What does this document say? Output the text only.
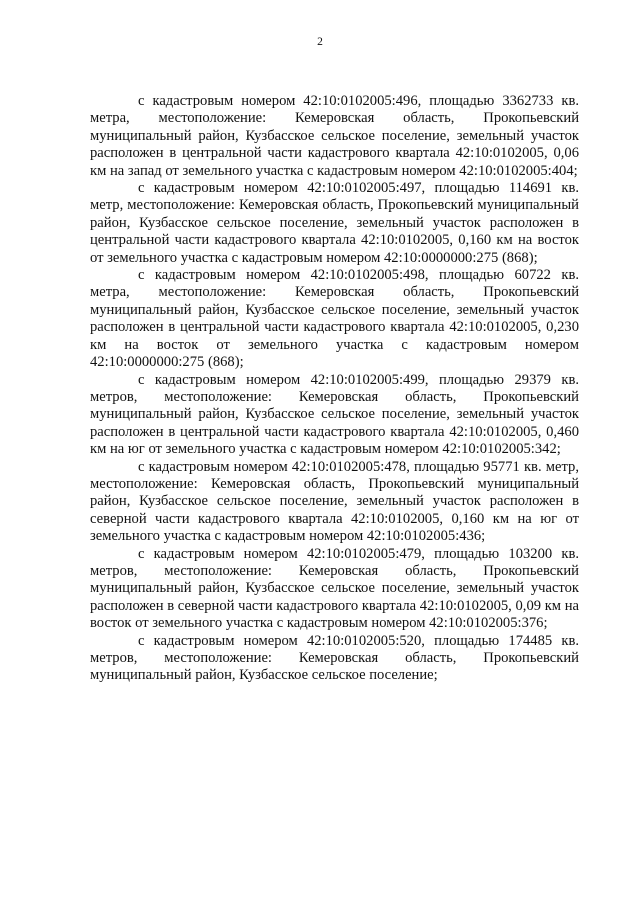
2

с кадастровым номером 42:10:0102005:496, площадью 3362733 кв. метра, местоположение: Кемеровская область, Прокопьевский муниципальный район, Кузбасское сельское поселение, земельный участок расположен в центральной части кадастрового квартала 42:10:0102005, 0,06 км на запад от земельного участка с кадастровым номером 42:10:0102005:404;

с кадастровым номером 42:10:0102005:497, площадью 114691 кв. метр, местоположение: Кемеровская область, Прокопьевский муниципальный район, Кузбасское сельское поселение, земельный участок расположен в центральной части кадастрового квартала 42:10:0102005, 0,160 км на восток от земельного участка с кадастровым номером 42:10:0000000:275 (868);

с кадастровым номером 42:10:0102005:498, площадью 60722 кв. метра, местоположение: Кемеровская область, Прокопьевский муниципальный район, Кузбасское сельское поселение, земельный участок расположен в центральной части кадастрового квартала 42:10:0102005, 0,230 км на восток от земельного участка с кадастровым номером 42:10:0000000:275 (868);

с кадастровым номером 42:10:0102005:499, площадью 29379 кв. метров, местоположение: Кемеровская область, Прокопьевский муниципальный район, Кузбасское сельское поселение, земельный участок расположен в центральной части кадастрового квартала 42:10:0102005, 0,460 км на юг от земельного участка с кадастровым номером 42:10:0102005:342;

с кадастровым номером 42:10:0102005:478, площадью 95771 кв. метр, местоположение: Кемеровская область, Прокопьевский муниципальный район, Кузбасское сельское поселение, земельный участок расположен в северной части кадастрового квартала 42:10:0102005, 0,160 км на юг от земельного участка с кадастровым номером 42:10:0102005:436;

с кадастровым номером 42:10:0102005:479, площадью 103200 кв. метров, местоположение: Кемеровская область, Прокопьевский муниципальный район, Кузбасское сельское поселение, земельный участок расположен в северной части кадастрового квартала 42:10:0102005, 0,09 км на восток от земельного участка с кадастровым номером 42:10:0102005:376;

с кадастровым номером 42:10:0102005:520, площадью 174485 кв. метров, местоположение: Кемеровская область, Прокопьевский муниципальный район, Кузбасское сельское поселение;
